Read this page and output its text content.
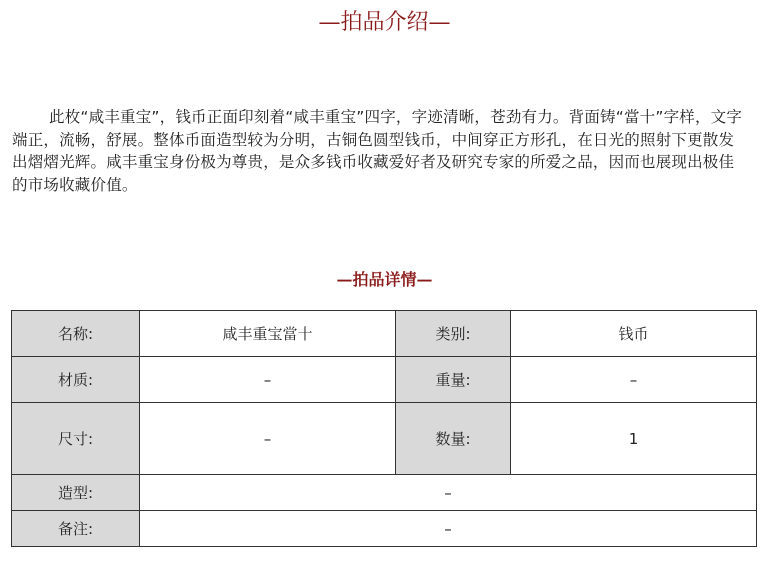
—拍品介绍—

此枚“咸丰重宝”，钱币正面印刻着“咸丰重宝”四字，字迹清晰，苍劲有力。背面铸“當十”字样，文字端正，流畅，舒展。整体币面造型较为分明，古铜色圆型钱币，中间穿正方形孔，在日光的照射下更散发出熠熠光辉。咸丰重宝身份极为尊贵，是众多钱币收藏爱好者及研究专家的所爱之品，因而也展现出极佳的市场收藏价值。

—拍品详情—
名称:	咸丰重宝當十	类别:	钱币
材质:	–	重量:	–
尺寸:	–	数量:	1
造型:	–		
备注:	–		
